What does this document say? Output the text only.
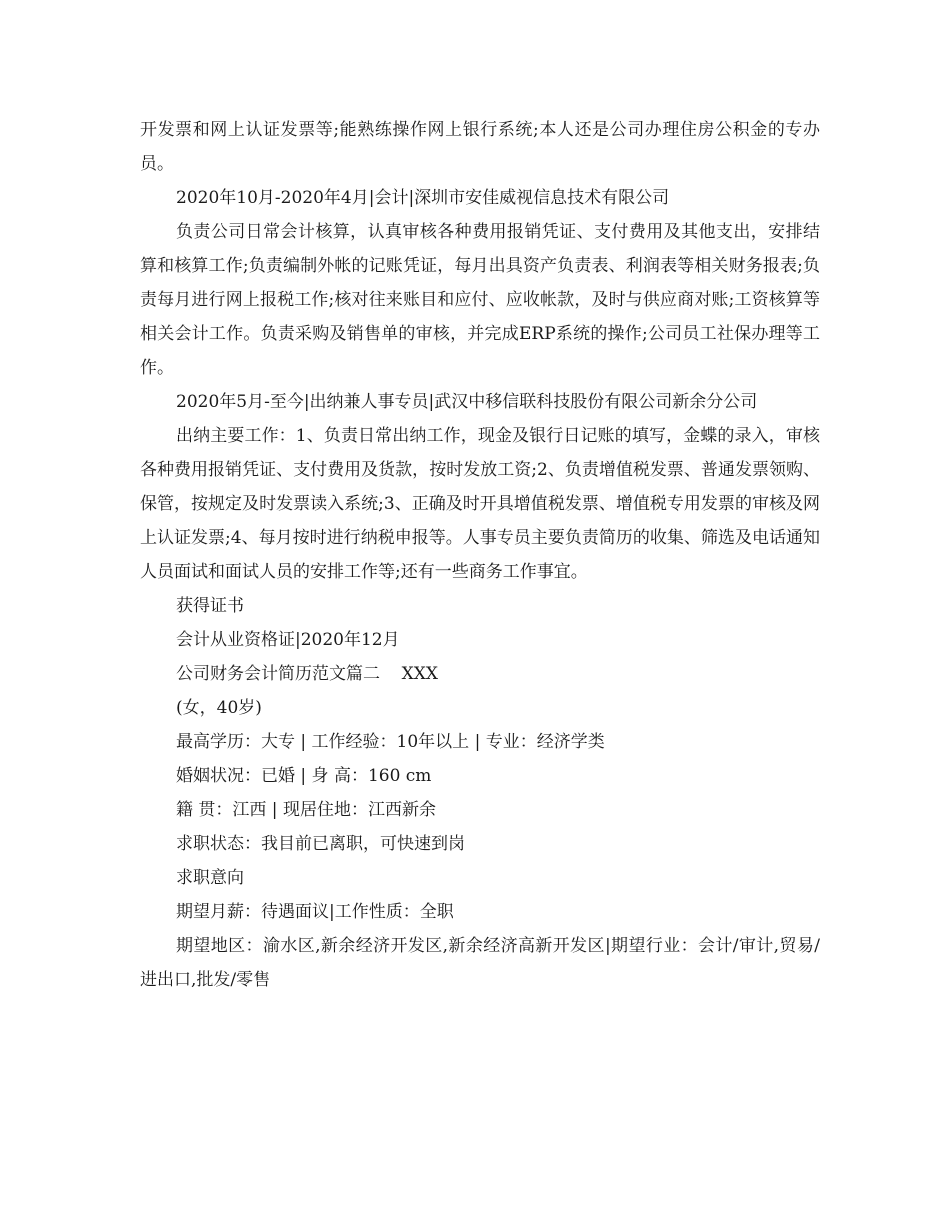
开发票和网上认证发票等;能熟练操作网上银行系统;本人还是公司办理住房公积金的专办员。

2020年10月-2020年4月|会计|深圳市安佳威视信息技术有限公司

负责公司日常会计核算，认真审核各种费用报销凭证、支付费用及其他支出，安排结算和核算工作;负责编制外帐的记账凭证，每月出具资产负责表、利润表等相关财务报表;负责每月进行网上报税工作;核对往来账目和应付、应收帐款，及时与供应商对账;工资核算等相关会计工作。负责采购及销售单的审核，并完成ERP系统的操作;公司员工社保办理等工作。

2020年5月-至今|出纳兼人事专员|武汉中移信联科技股份有限公司新余分公司

出纳主要工作：1、负责日常出纳工作，现金及银行日记账的填写，金蝶的录入，审核各种费用报销凭证、支付费用及货款，按时发放工资;2、负责增值税发票、普通发票领购、保管，按规定及时发票读入系统;3、正确及时开具增值税发票、增值税专用发票的审核及网上认证发票;4、每月按时进行纳税申报等。人事专员主要负责简历的收集、筛选及电话通知人员面试和面试人员的安排工作等;还有一些商务工作事宜。

获得证书

会计从业资格证|2020年12月

公司财务会计简历范文篇二    XXX

(女，40岁)

最高学历：大专 | 工作经验：10年以上 | 专业：经济学类

婚姻状况：已婚 | 身 高：160 cm

籍 贯：江西 | 现居住地：江西新余

求职状态：我目前已离职，可快速到岗

求职意向

期望月薪：待遇面议|工作性质：全职

期望地区：渝水区,新余经济开发区,新余经济高新开发区|期望行业：会计/审计,贸易/进出口,批发/零售
